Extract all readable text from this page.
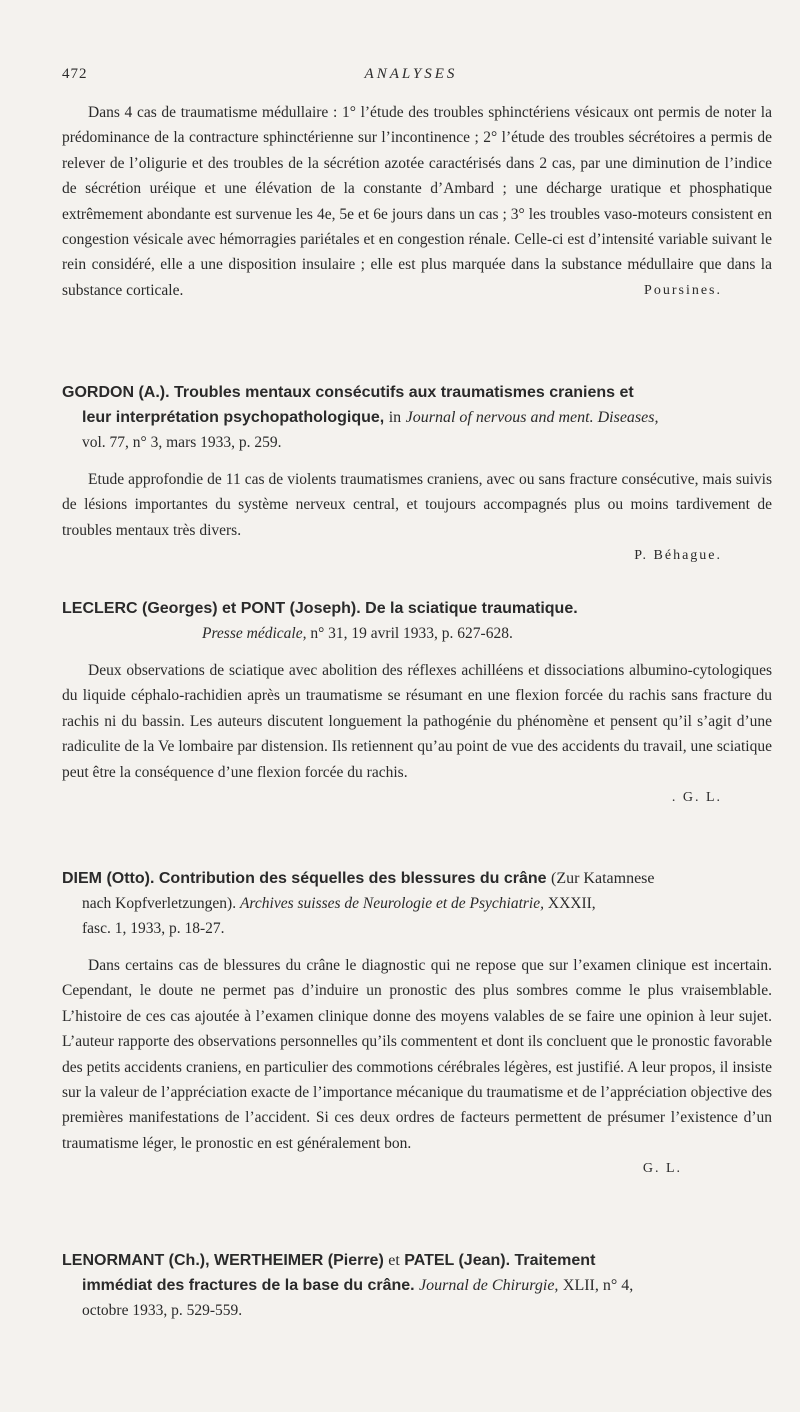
472	ANALYSES

Dans 4 cas de traumatisme médullaire : 1° l’étude des troubles sphinctériens vésicaux ont permis de noter la prédominance de la contracture sphinctérienne sur l’incontinence ; 2° l’étude des troubles sécrétoires a permis de relever de l’oligurie et des troubles de la sécrétion azotée caractérisés dans 2 cas, par une diminution de l’indice de sécrétion uréique et une élévation de la constante d’Ambard ; une décharge uratique et phosphatique extrêmement abondante est survenue les 4e, 5e et 6e jours dans un cas ; 3° les troubles vaso-moteurs consistent en congestion vésicale avec hémorragies pariétales et en congestion rénale. Celle-ci est d’intensité variable suivant le rein considéré, elle a une disposition insulaire ; elle est plus marquée dans la substance médullaire que dans la substance corticale.	Poursines.
GORDON (A.). Troubles mentaux consécutifs aux traumatismes craniens et
leur interprétation psychopathologique, in Journal of nervous and ment. Diseases,
vol. 77, n° 3, mars 1933, p. 259.

Etude approfondie de 11 cas de violents traumatismes craniens, avec ou sans fracture consécutive, mais suivis de lésions importantes du système nerveux central, et toujours accompagnés plus ou moins tardivement de troubles mentaux très divers.

P. Béhague.
LECLERC (Georges) et PONT (Joseph). De la sciatique traumatique.
Presse médicale, n° 31, 19 avril 1933, p. 627-628.

Deux observations de sciatique avec abolition des réflexes achilléens et dissociations albumino-cytologiques du liquide céphalo-rachidien après un traumatisme se résumant en une flexion forcée du rachis sans fracture du rachis ni du bassin. Les auteurs discutent longuement la pathogénie du phénomène et pensent qu’il s’agit d’une radiculite de la Ve lombaire par distension. Ils retiennent qu’au point de vue des accidents du travail, une sciatique peut être la conséquence d’une flexion forcée du rachis.

. G. L.
DIEM (Otto). Contribution des séquelles des blessures du crâne (Zur Katamnese
nach Kopfverletzungen). Archives suisses de Neurologie et de Psychiatrie, XXXII,
fasc. 1, 1933, p. 18-27.

Dans certains cas de blessures du crâne le diagnostic qui ne repose que sur l’examen clinique est incertain. Cependant, le doute ne permet pas d’induire un pronostic des plus sombres comme le plus vraisemblable. L’histoire de ces cas ajoutée à l’examen clinique donne des moyens valables de se faire une opinion à leur sujet. L’auteur rapporte des observations personnelles qu’ils commentent et dont ils concluent que le pronostic favorable des petits accidents craniens, en particulier des commotions cérébrales légères, est justifié. A leur propos, il insiste sur la valeur de l’appréciation exacte de l’importance mécanique du traumatisme et de l’appréciation objective des premières manifestations de l’accident. Si ces deux ordres de facteurs permettent de présumer l’existence d’un traumatisme léger, le pronostic en est généralement bon.

G. L.
LENORMANT (Ch.), WERTHEIMER (Pierre) et PATEL (Jean). Traitement
immédiat des fractures de la base du crâne. Journal de Chirurgie, XLII, n° 4,
octobre 1933, p. 529-559.
